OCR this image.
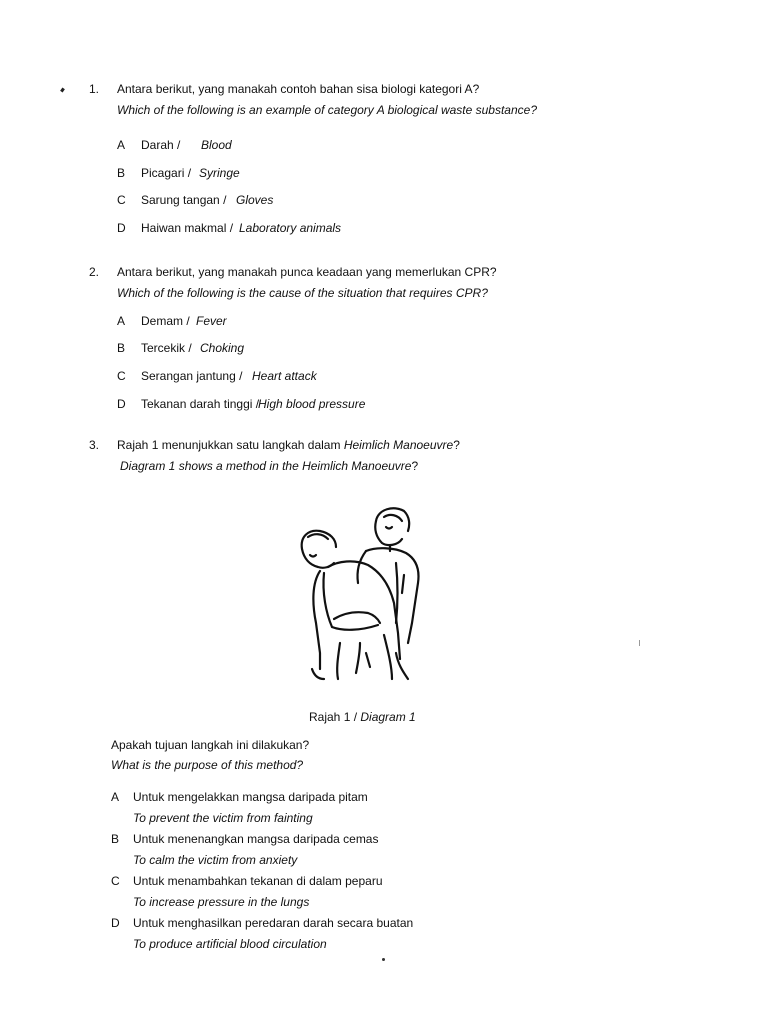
1. Antara berikut, yang manakah contoh bahan sisa biologi kategori A?
Which of the following is an example of category A biological waste substance?
A Darah / Blood
B Picagari / Syringe
C Sarung tangan / Gloves
D Haiwan makmal / Laboratory animals
2. Antara berikut, yang manakah punca keadaan yang memerlukan CPR?
Which of the following is the cause of the situation that requires CPR?
A Demam / Fever
B Tercekik / Choking
C Serangan jantung / Heart attack
D Tekanan darah tinggi /
High blood pressure
3. Rajah 1 menunjukkan satu langkah dalam Heimlich Manoeuvre?
Diagram 1 shows a method in the Heimlich Manoeuvre?
Rajah 1 / Diagram 1
Apakah tujuan langkah ini dilakukan?
What is the purpose of this method?
A Untuk mengelakkan mangsa daripada pitam
To prevent the victim from fainting
B Untuk menenangkan mangsa daripada cemas
To calm the victim from anxiety
C Untuk menambahkan tekanan di dalam peparu
To increase pressure in the lungs
D Untuk menghasilkan peredaran darah secara buatan
To produce artificial blood circulation
